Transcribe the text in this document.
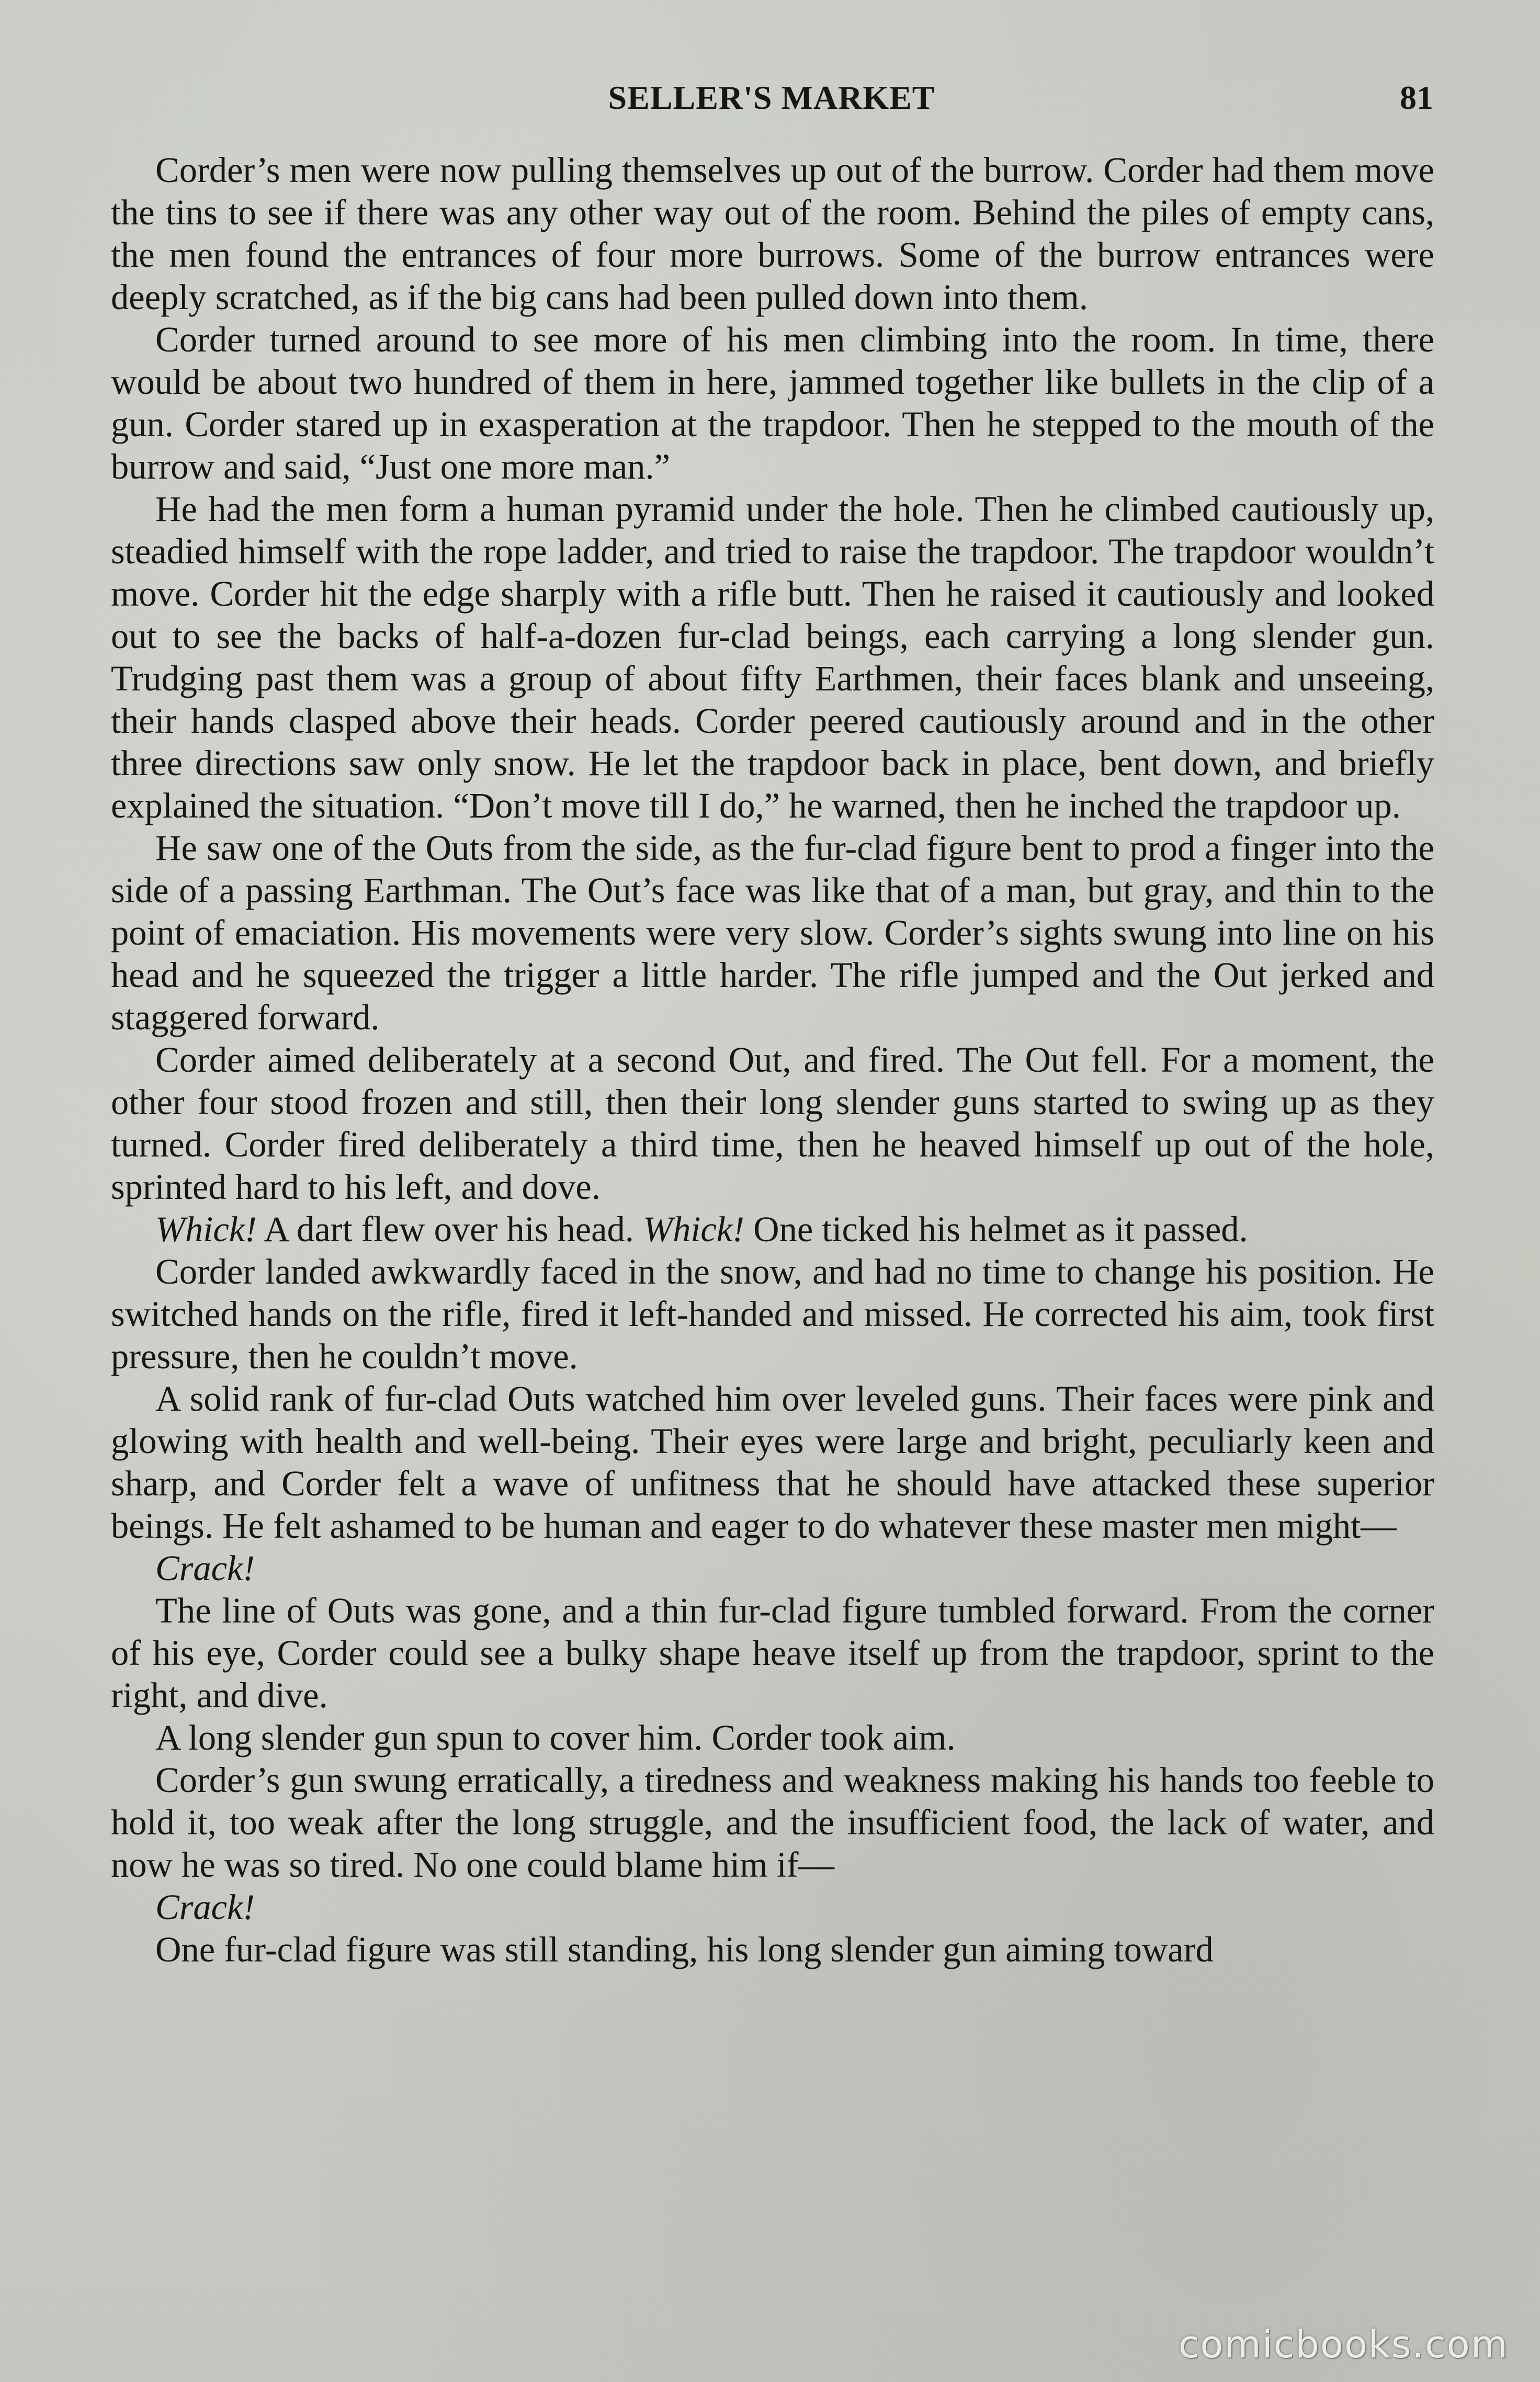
SELLER'S MARKET	81

Corder’s men were now pulling themselves up out of the burrow. Corder had them move the tins to see if there was any other way out of the room. Behind the piles of empty cans, the men found the entrances of four more burrows. Some of the burrow entrances were deeply scratched, as if the big cans had been pulled down into them.

Corder turned around to see more of his men climbing into the room. In time, there would be about two hundred of them in here, jammed together like bullets in the clip of a gun. Corder stared up in exasperation at the trapdoor. Then he stepped to the mouth of the burrow and said, “Just one more man.”

He had the men form a human pyramid under the hole. Then he climbed cautiously up, steadied himself with the rope ladder, and tried to raise the trapdoor. The trapdoor wouldn’t move. Corder hit the edge sharply with a rifle butt. Then he raised it cautiously and looked out to see the backs of half-a-dozen fur-clad beings, each carrying a long slender gun. Trudging past them was a group of about fifty Earthmen, their faces blank and unseeing, their hands clasped above their heads. Corder peered cautiously around and in the other three directions saw only snow. He let the trapdoor back in place, bent down, and briefly explained the situation. “Don’t move till I do,” he warned, then he inched the trapdoor up.

He saw one of the Outs from the side, as the fur-clad figure bent to prod a finger into the side of a passing Earthman. The Out’s face was like that of a man, but gray, and thin to the point of emaciation. His movements were very slow. Corder’s sights swung into line on his head and he squeezed the trigger a little harder. The rifle jumped and the Out jerked and staggered forward.

Corder aimed deliberately at a second Out, and fired. The Out fell. For a moment, the other four stood frozen and still, then their long slender guns started to swing up as they turned. Corder fired deliberately a third time, then he heaved himself up out of the hole, sprinted hard to his left, and dove.

Whick! A dart flew over his head. Whick! One ticked his helmet as it passed.

Corder landed awkwardly faced in the snow, and had no time to change his position. He switched hands on the rifle, fired it left-handed and missed. He corrected his aim, took first pressure, then he couldn’t move.

A solid rank of fur-clad Outs watched him over leveled guns. Their faces were pink and glowing with health and well-being. Their eyes were large and bright, peculiarly keen and sharp, and Corder felt a wave of unfitness that he should have attacked these superior beings. He felt ashamed to be human and eager to do whatever these master men might—

Crack!

The line of Outs was gone, and a thin fur-clad figure tumbled forward. From the corner of his eye, Corder could see a bulky shape heave itself up from the trapdoor, sprint to the right, and dive.

A long slender gun spun to cover him. Corder took aim.

Corder’s gun swung erratically, a tiredness and weakness making his hands too feeble to hold it, too weak after the long struggle, and the insufficient food, the lack of water, and now he was so tired. No one could blame him if—

Crack!

One fur-clad figure was still standing, his long slender gun aiming toward

comicbooks.com
